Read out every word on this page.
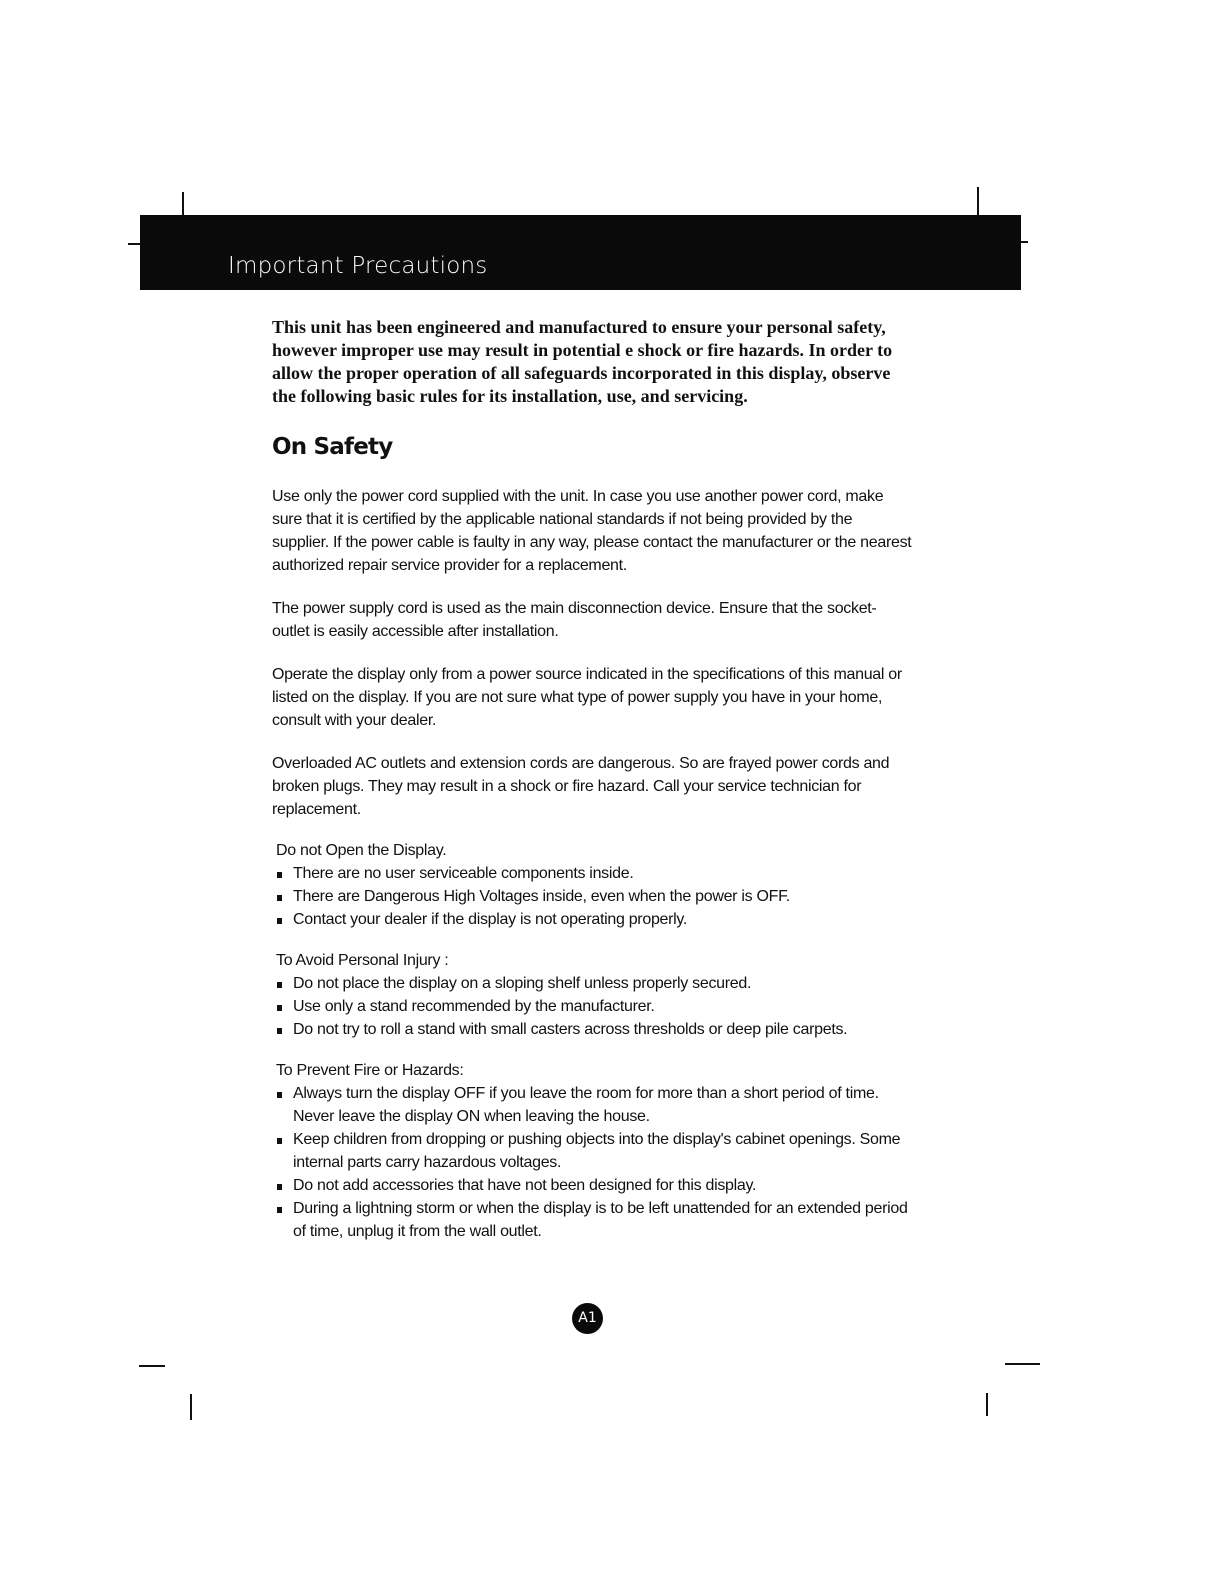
Important Precautions

This unit has been engineered and manufactured to ensure your personal safety, however improper use may result in potential e shock or fire hazards. In order to allow the proper operation of all safeguards incorporated in this display, observe the following basic rules for its installation, use, and servicing.

On Safety

Use only the power cord supplied with the unit. In case you use another power cord, make sure that it is certified by the applicable national standards if not being provided by the supplier. If the power cable is faulty in any way, please contact the manufacturer or the nearest authorized repair service provider for a replacement.

The power supply cord is used as the main disconnection device. Ensure that the socket-outlet is easily accessible after installation.

Operate the display only from a power source indicated in the specifications of this manual or listed on the display. If you are not sure what type of power supply you have in your home, consult with your dealer.

Overloaded AC outlets and extension cords are dangerous. So are frayed power cords and broken plugs. They may result in a shock or fire hazard. Call your service technician for replacement.

Do not Open the Display.

There are no user serviceable components inside.
There are Dangerous High Voltages inside, even when the power is OFF.
Contact your dealer if the display is not operating properly.

To Avoid Personal Injury :

Do not place the display on a sloping shelf unless properly secured.
Use only a stand recommended by the manufacturer.
Do not try to roll a stand with small casters across thresholds or deep pile carpets.

To Prevent Fire or Hazards:

Always turn the display OFF if you leave the room for more than a short period of time. Never leave the display ON when leaving the house.
Keep children from dropping or pushing objects into the display's cabinet openings. Some internal parts carry hazardous voltages.
Do not add accessories that have not been designed for this display.
During a lightning storm or when the display is to be left unattended for an extended period of time, unplug it from the wall outlet.
A1
